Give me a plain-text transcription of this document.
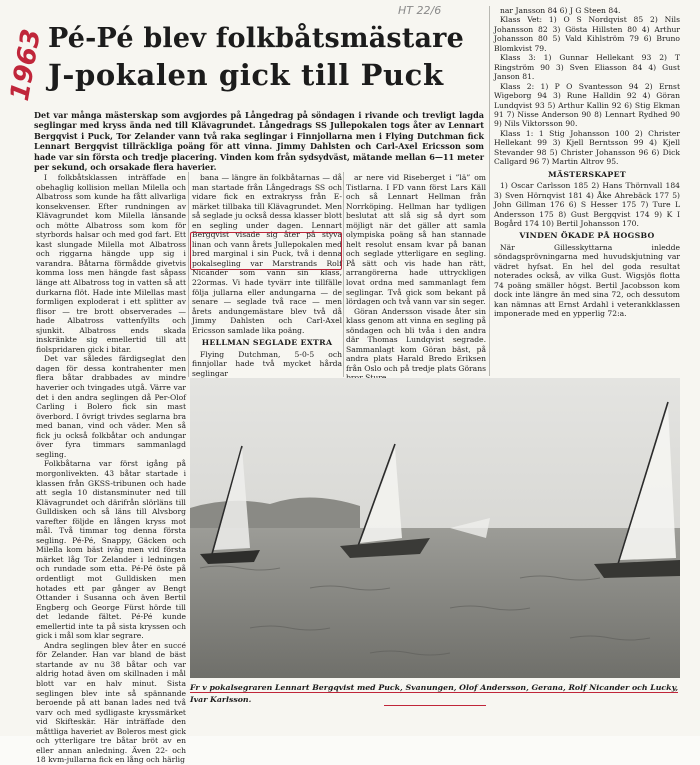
1963
HT 22/6
Pé-Pé blev folkbåtsmästare
J-pokalen gick till Puck
Det var många mästerskap som avgjordes på Långedrag på söndagen i rivande och trevligt lagda seglingar med kryss ända ned till Klävagrundet. Långedrags SS Jullepokalen togs åter av Lennart Bergqvist i Puck, Tor Zelander vann två raka seglingar i Finnjollarna men i Flying Dutchman fick Lennart Bergqvist tillräckliga poäng för att vinna. Jimmy Dahlsten och Carl-Axel Ericsson som hade var sin första och tredje placering. Vinden kom från sydsydväst, mätande mellan 6—11 meter per sekund, och orsakade flera haverier.

I folkbåtsklassen inträffade en obehaglig kollision mellan Milella och Albatross som kunde ha fått allvarliga konsekvenser. Efter rundningen av Klävagrundet kom Milella länsande och mötte Albatross som kom för styrbords halsar och med god fart. Ett kast slungade Milella mot Albatross och riggarna hängde upp sig i varandra. Båtarna förmådde givetvis komma loss men hängde fast såpass länge att Albatross tog in vatten så att durkarna flöt. Hade inte Milellas mast formligen exploderat i ett splitter av flisor — tre brott observerades — hade Albatross vattenfyllts och sjunkit. Albatross ends skada inskränkte sig emellertid till att fiolspridaren gick i bitar.

Det var således färdigseglat den dagen för dessa kontrahenter men flera båtar drabbades av mindre haverier och tvingades utgå. Värre var det i den andra seglingen då Per-Olof Carling i Bolero fick sin mast överbord. I övrigt trivdes seglarna bra med banan, vind och väder. Men så fick ju också folkbåtar och andungar över fyra timmars sammanlagd segling.

Folkbåtarna var först igång på morgonlivekten. 43 båtar startade i klassen från GKSS-tribunen och hade att segla 10 distansminuter ned till Klävagrundet och därifrån slörläns till Gulldisken och så läns till Alvsborg varefter följde en lången kryss mot mål. Två timmar tog denna första segling. Pé-Pé, Snappy, Gäcken och Milella kom bäst iväg men vid första märket låg Tor Zelander i ledningen och rundade som etta. Pé-Pé öste på ordentligt mot Gulldisken men hotades ett par gånger av Bengt Ottander i Susanna och även Bertil Engberg och George Fürst hörde till det ledande fältet. Pé-Pé kunde emellertid inte ta på sista kryssen och gick i mål som klar segrare.

Andra seglingen blev åter en succé för Zelander. Han var bland de bäst startande av nu 38 båtar och var aldrig hotad även om skillnaden i mål blott var en halv minut. Sista seglingen blev inte så spännande beroende på att banan lades ned två varv och med sydligaste kryssmärket vid Skifteskär. Här inträffade den måttliga haveriet av Boleros mest gick och ytterligare tre båtar bröt av en eller annan anledning. Även 22- och 18 kvm-jullarna fick en lång och härlig

bana — längre än folkbåtarnas — då man startade från Långedrags SS och vidare fick en extrakryss från E-märket tillbaka till Klävagrundet. Men så seglade ju också dessa klasser blott en segling under dagen. Lennart Bergqvist visade sig åter på styva linan och vann årets Jullepokalen med bred marginal i sin Puck, två i denna pokalsegling var Marstrands Rolf Nicander som vann sin klass, 22ormas. Vi hade tyvärr inte tillfälle följa jullarna eller andungarna — de senare — seglade två race — men årets andungemästare blev två då Jimmy Dahlsten och Carl-Axel Ericsson samlade lika poäng.

HELLMAN SEGLADE EXTRA

Flying Dutchman, 5-0-5 och finnjollar hade två mycket hårda seglingar

ar nere vid Riseberget i ”lä” om Tistlarna. I FD vann först Lars Käll och så Lennart Hellman från Norrköping. Hellman har tydligen beslutat att slå sig så dyrt som möjligt när det gäller att samla olympiska poäng så han stannade helt resolut ensam kvar på banan och seglade ytterligare en segling. På sätt och vis hade han rätt, arrangörerna hade uttryckligen lovat ordna med sammanlagt fem seglingar. Två gick som bekant på lördagen och två vann var sin seger.

Göran Andersson visade åter sin klass genom att vinna en segling på söndagen och bli tvåa i den andra där Thomas Lundqvist segrade. Sammanlagt kom Göran bäst, på andra plats Harald Bredo Eriksen från Oslo och på tredje plats Görans

nar Jansson 84 6) J G Steen 84.

Klass Vet: 1) O S Nordqvist 85 2) Nils Johansson 82 3) Gösta Hillsten 80 4) Arthur Johansson 80 5) Vald Kihlström 79 6) Bruno Blomkvist 79.

Klass 3: 1) Gunnar Hellekant 93 2) T Ringström 90 3) Sven Eliasson 84 4) Gust Janson 81.

Klass 2: 1) P O Svantesson 94 2) Ernst Wigeborg 94 3) Rune Halldin 92 4) Göran Lundqvist 93 5) Arthur Kallin 92 6) Stig Ekman 91 7) Nisse Anderson 90 8) Lennart Rydhed 90 9) Nils Viktorsson 90.

Klass 1: 1 Stig Johansson 100 2) Christer Hellekant 99 3) Kjell Berntsson 99 4) Kjell Stevander 98 5) Christer Johansson 96 6) Dick Callgard 96 7) Martin Altrov 95.

MÄSTERSKAPET

1) Oscar Carlsson 185 2) Hans Thörnvall 184 3) Sven Hörnqvist 181 4) Åke Ahrebäck 177 5) John Gillman 176 6) S Hesser 175 7) Ture L Andersson 175 8) Gust Bergqvist 174 9) K I Bogård 174 10) Bertil Johansson 170.

VINDEN ÖKADE PÅ HOGSBO

När Gillesskyttarna inledde söndagsprövningarna med huvudskjutning var vädret hyfsat. En hel del goda resultat noterades också, av vilka Gust. Wigsjös flotta 74 poäng smäller högst. Bertil Jacobsson kom dock inte längre än med sina 72, och dessutom kan nämnas att Ernst Ardahl i veterankklassen imponerade med en ypperlig 72:a.

Fr v pokalsegraren Lennart Bergqvist med Puck, Svanungen, Olof Andersson, Gerana, Rolf Nicander och Lucky, Ivar Karlsson.
